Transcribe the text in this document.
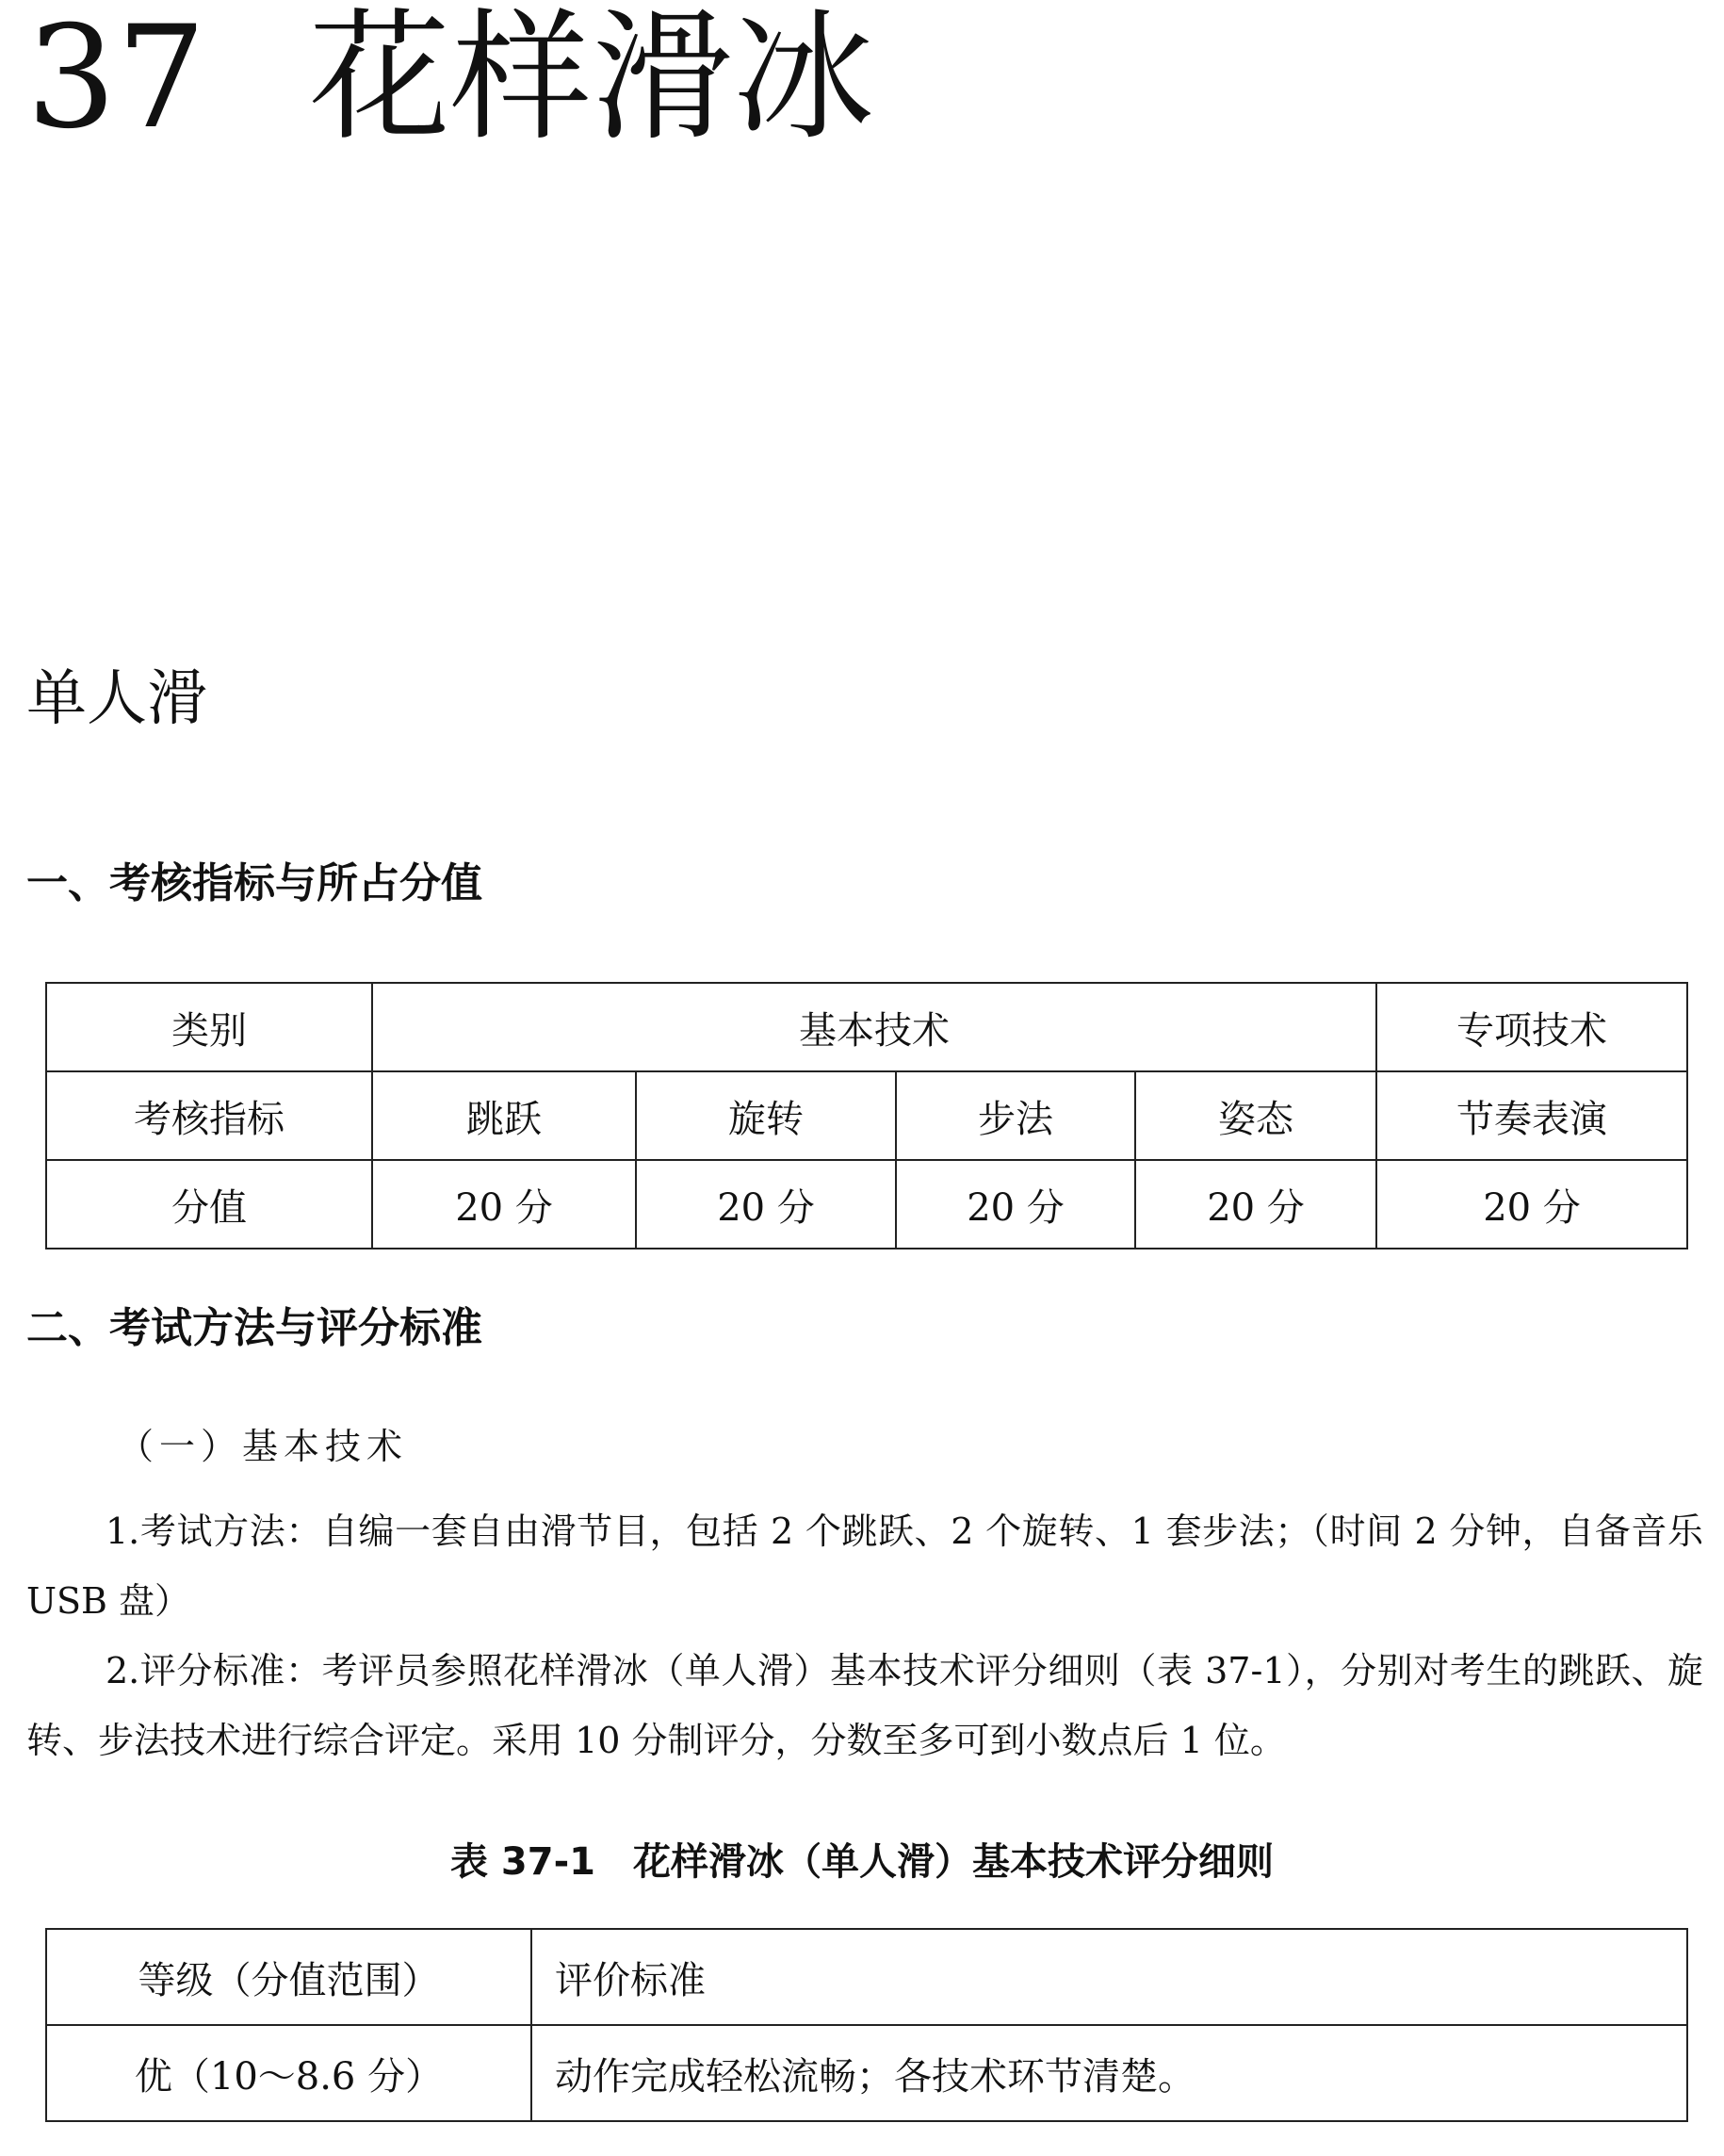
37 花样滑冰
单人滑
一、考核指标与所占分值
类别	基本技术				专项技术
考核指标	跳跃	旋转	步法	姿态	节奏表演
分值	20 分	20 分	20 分	20 分	20 分
二、考试方法与评分标准
（一）基本技术

1.考试方法：自编一套自由滑节目，包括 2 个跳跃、2 个旋转、1 套步法；（时间 2 分钟，自备音乐 USB 盘）

2.评分标准：考评员参照花样滑冰（单人滑）基本技术评分细则（表 37-1），分别对考生的跳跃、旋转、步法技术进行综合评定。采用 10 分制评分，分数至多可到小数点后 1 位。

表 37-1　花样滑冰（单人滑）基本技术评分细则

等级（分值范围）	评价标准
优（10～8.6 分）	动作完成轻松流畅；各技术环节清楚。
